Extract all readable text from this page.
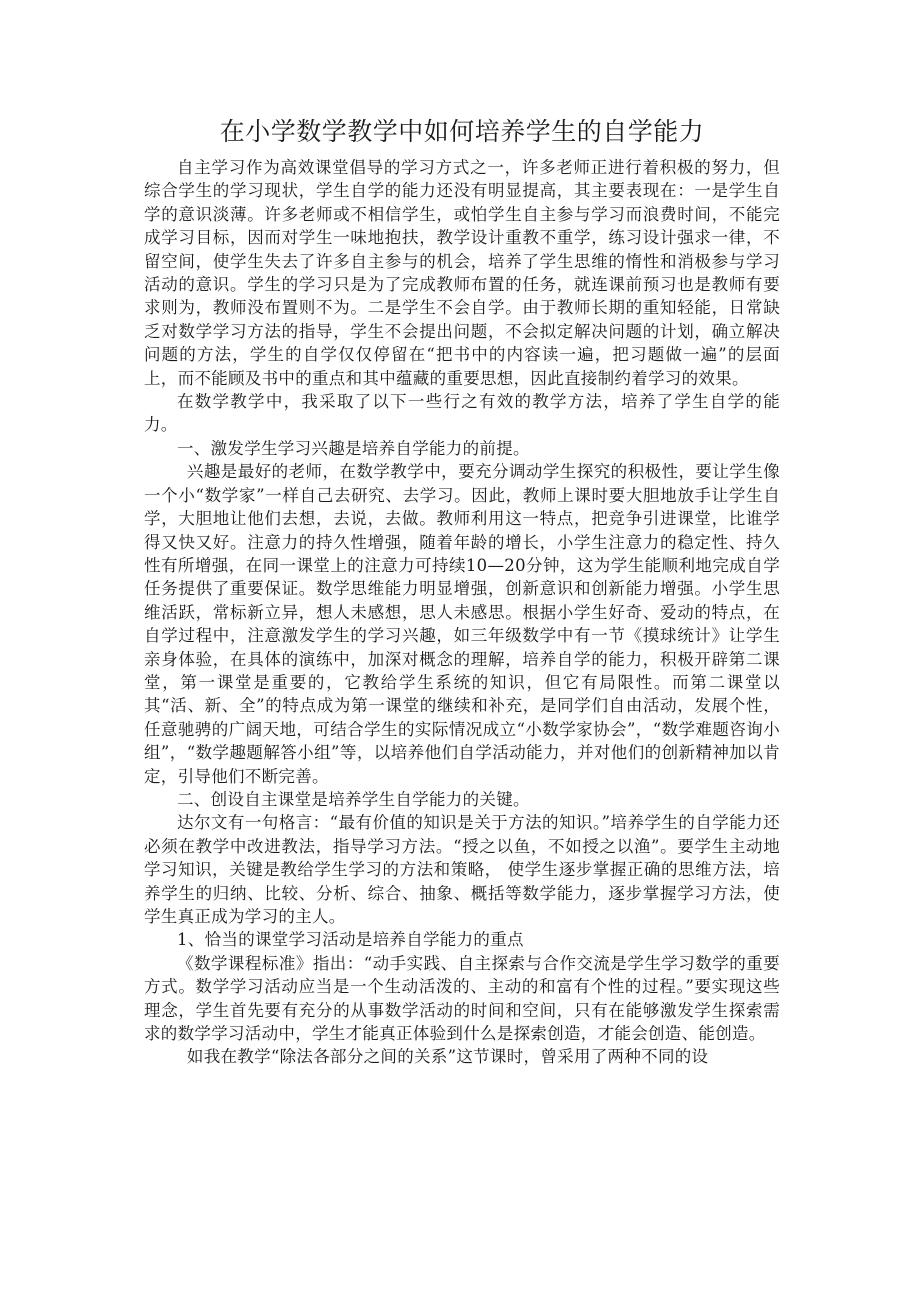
在小学数学教学中如何培养学生的自学能力

自主学习作为高效课堂倡导的学习方式之一，许多老师正进行着积极的努力，但综合学生的学习现状，学生自学的能力还没有明显提高，其主要表现在：一是学生自学的意识淡薄。许多老师或不相信学生，或怕学生自主参与学习而浪费时间，不能完成学习目标，因而对学生一味地抱扶，教学设计重教不重学，练习设计强求一律，不留空间，使学生失去了许多自主参与的机会，培养了学生思维的惰性和消极参与学习活动的意识。学生的学习只是为了完成教师布置的任务，就连课前预习也是教师有要求则为，教师没布置则不为。二是学生不会自学。由于教师长期的重知轻能，日常缺乏对数学学习方法的指导，学生不会提出问题，不会拟定解决问题的计划，确立解决问题的方法，学生的自学仅仅停留在“把书中的内容读一遍，把习题做一遍”的层面上，而不能顾及书中的重点和其中蕴藏的重要思想，因此直接制约着学习的效果。

在数学教学中，我采取了以下一些行之有效的教学方法，培养了学生自学的能力。

一、激发学生学习兴趣是培养自学能力的前提。

兴趣是最好的老师，在数学教学中，要充分调动学生探究的积极性，要让学生像一个小“数学家”一样自己去研究、去学习。因此，教师上课时要大胆地放手让学生自学，大胆地让他们去想，去说，去做。教师利用这一特点，把竞争引进课堂，比谁学得又快又好。注意力的持久性增强，随着年龄的增长，小学生注意力的稳定性、持久性有所增强，在同一课堂上的注意力可持续10—20分钟，这为学生能顺利地完成自学任务提供了重要保证。数学思维能力明显增强，创新意识和创新能力增强。小学生思维活跃，常标新立异，想人未感想，思人未感思。根据小学生好奇、爱动的特点，在自学过程中，注意激发学生的学习兴趣，如三年级数学中有一节《摸球统计》让学生亲身体验，在具体的演练中，加深对概念的理解，培养自学的能力，积极开辟第二课堂，第一课堂是重要的，它教给学生系统的知识，但它有局限性。而第二课堂以其“活、新、全”的特点成为第一课堂的继续和补充，是同学们自由活动，发展个性，任意驰骋的广阔天地，可结合学生的实际情况成立“小数学家协会”，“数学难题咨询小组”，“数学趣题解答小组”等，以培养他们自学活动能力，并对他们的创新精神加以肯定，引导他们不断完善。

二、创设自主课堂是培养学生自学能力的关键。

达尔文有一句格言：“最有价值的知识是关于方法的知识。”培养学生的自学能力还必须在教学中改进教法，指导学习方法。“授之以鱼，不如授之以渔”。要学生主动地学习知识，关键是教给学生学习的方法和策略， 使学生逐步掌握正确的思维方法，培养学生的归纳、比较、分析、综合、抽象、概括等数学能力，逐步掌握学习方法，使学生真正成为学习的主人。

1、恰当的课堂学习活动是培养自学能力的重点

《数学课程标准》指出：“动手实践、自主探索与合作交流是学生学习数学的重要方式。数学学习活动应当是一个生动活泼的、主动的和富有个性的过程。”要实现这些理念，学生首先要有充分的从事数学活动的时间和空间，只有在能够激发学生探索需求的数学学习活动中，学生才能真正体验到什么是探索创造，才能会创造、能创造。

如我在教学“除法各部分之间的关系”这节课时，曾采用了两种不同的设
